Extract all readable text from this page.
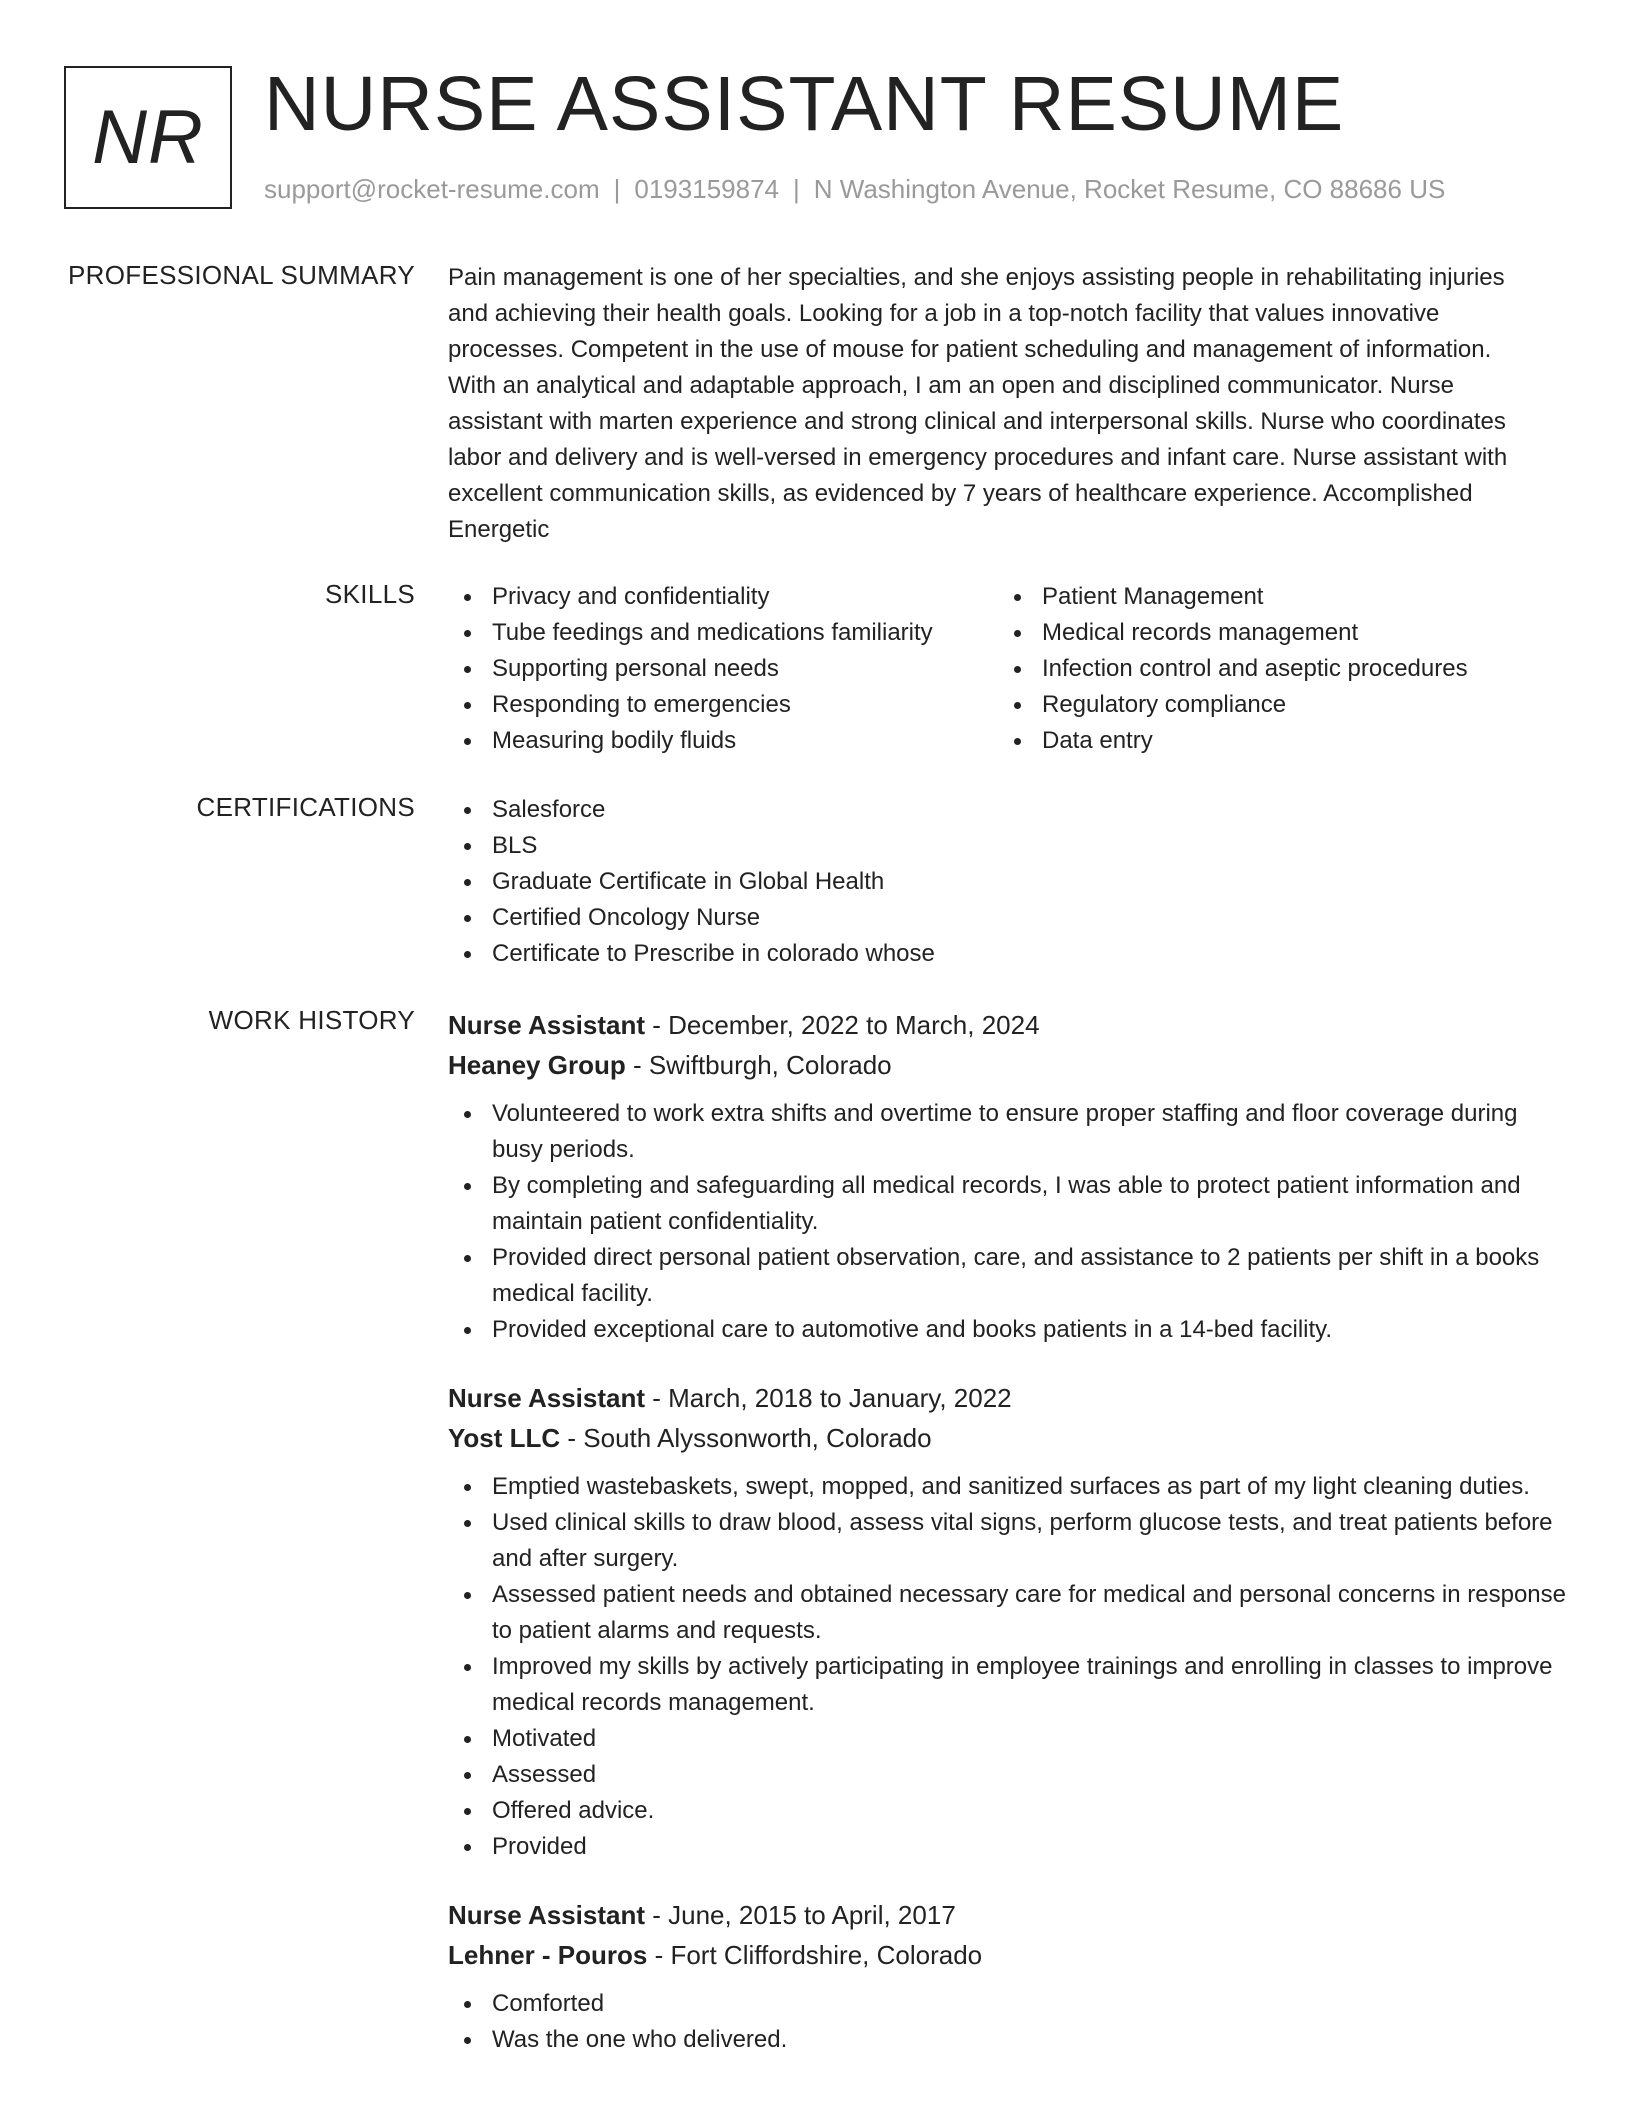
NR NURSE ASSISTANT RESUME
support@rocket-resume.com | 0193159874 | N Washington Avenue, Rocket Resume, CO 88686 US
PROFESSIONAL SUMMARY Pain management is one of her specialties, and she enjoys assisting people in rehabilitating injuries
and achieving their health goals. Looking for a job in a top-notch facility that values innovative
processes. Competent in the use of mouse for patient scheduling and management of information.
With an analytical and adaptable approach, I am an open and disciplined communicator. Nurse
assistant with marten experience and strong clinical and interpersonal skills. Nurse who coordinates
labor and delivery and is well-versed in emergency procedures and infant care. Nurse assistant with
excellent communication skills, as evidenced by 7 years of healthcare experience. Accomplished
Energetic
SKILLS	Privacy and confidentiality
Tube feedings and medications familiarity
Supporting personal needs
Responding to emergencies
Measuring bodily fluids
Patient Management
Medical records management
Infection control and aseptic procedures
Regulatory compliance
Data entry
CERTIFICATIONS	Salesforce
BLS
Graduate Certificate in Global Health
Certified Oncology Nurse
Certificate to Prescribe in colorado whose
WORK HISTORY Nurse Assistant - December, 2022 to March, 2024
Heaney Group - Swiftburgh, Colorado
Volunteered to work extra shifts and overtime to ensure proper staffing and floor coverage during busy periods.
By completing and safeguarding all medical records, I was able to protect patient information and maintain patient confidentiality.
Provided direct personal patient observation, care, and assistance to 2 patients per shift in a books medical facility.
Provided exceptional care to automotive and books patients in a 14-bed facility.
Nurse Assistant - March, 2018 to January, 2022
Yost LLC - South Alyssonworth, Colorado
Emptied wastebaskets, swept, mopped, and sanitized surfaces as part of my light cleaning duties.
Used clinical skills to draw blood, assess vital signs, perform glucose tests, and treat patients before and after surgery.
Assessed patient needs and obtained necessary care for medical and personal concerns in response to patient alarms and requests.
Improved my skills by actively participating in employee trainings and enrolling in classes to improve medical records management.
Motivated
Assessed
Offered advice.
Provided
Nurse Assistant - June, 2015 to April, 2017
Lehner - Pouros - Fort Cliffordshire, Colorado
Comforted
Was the one who delivered.
